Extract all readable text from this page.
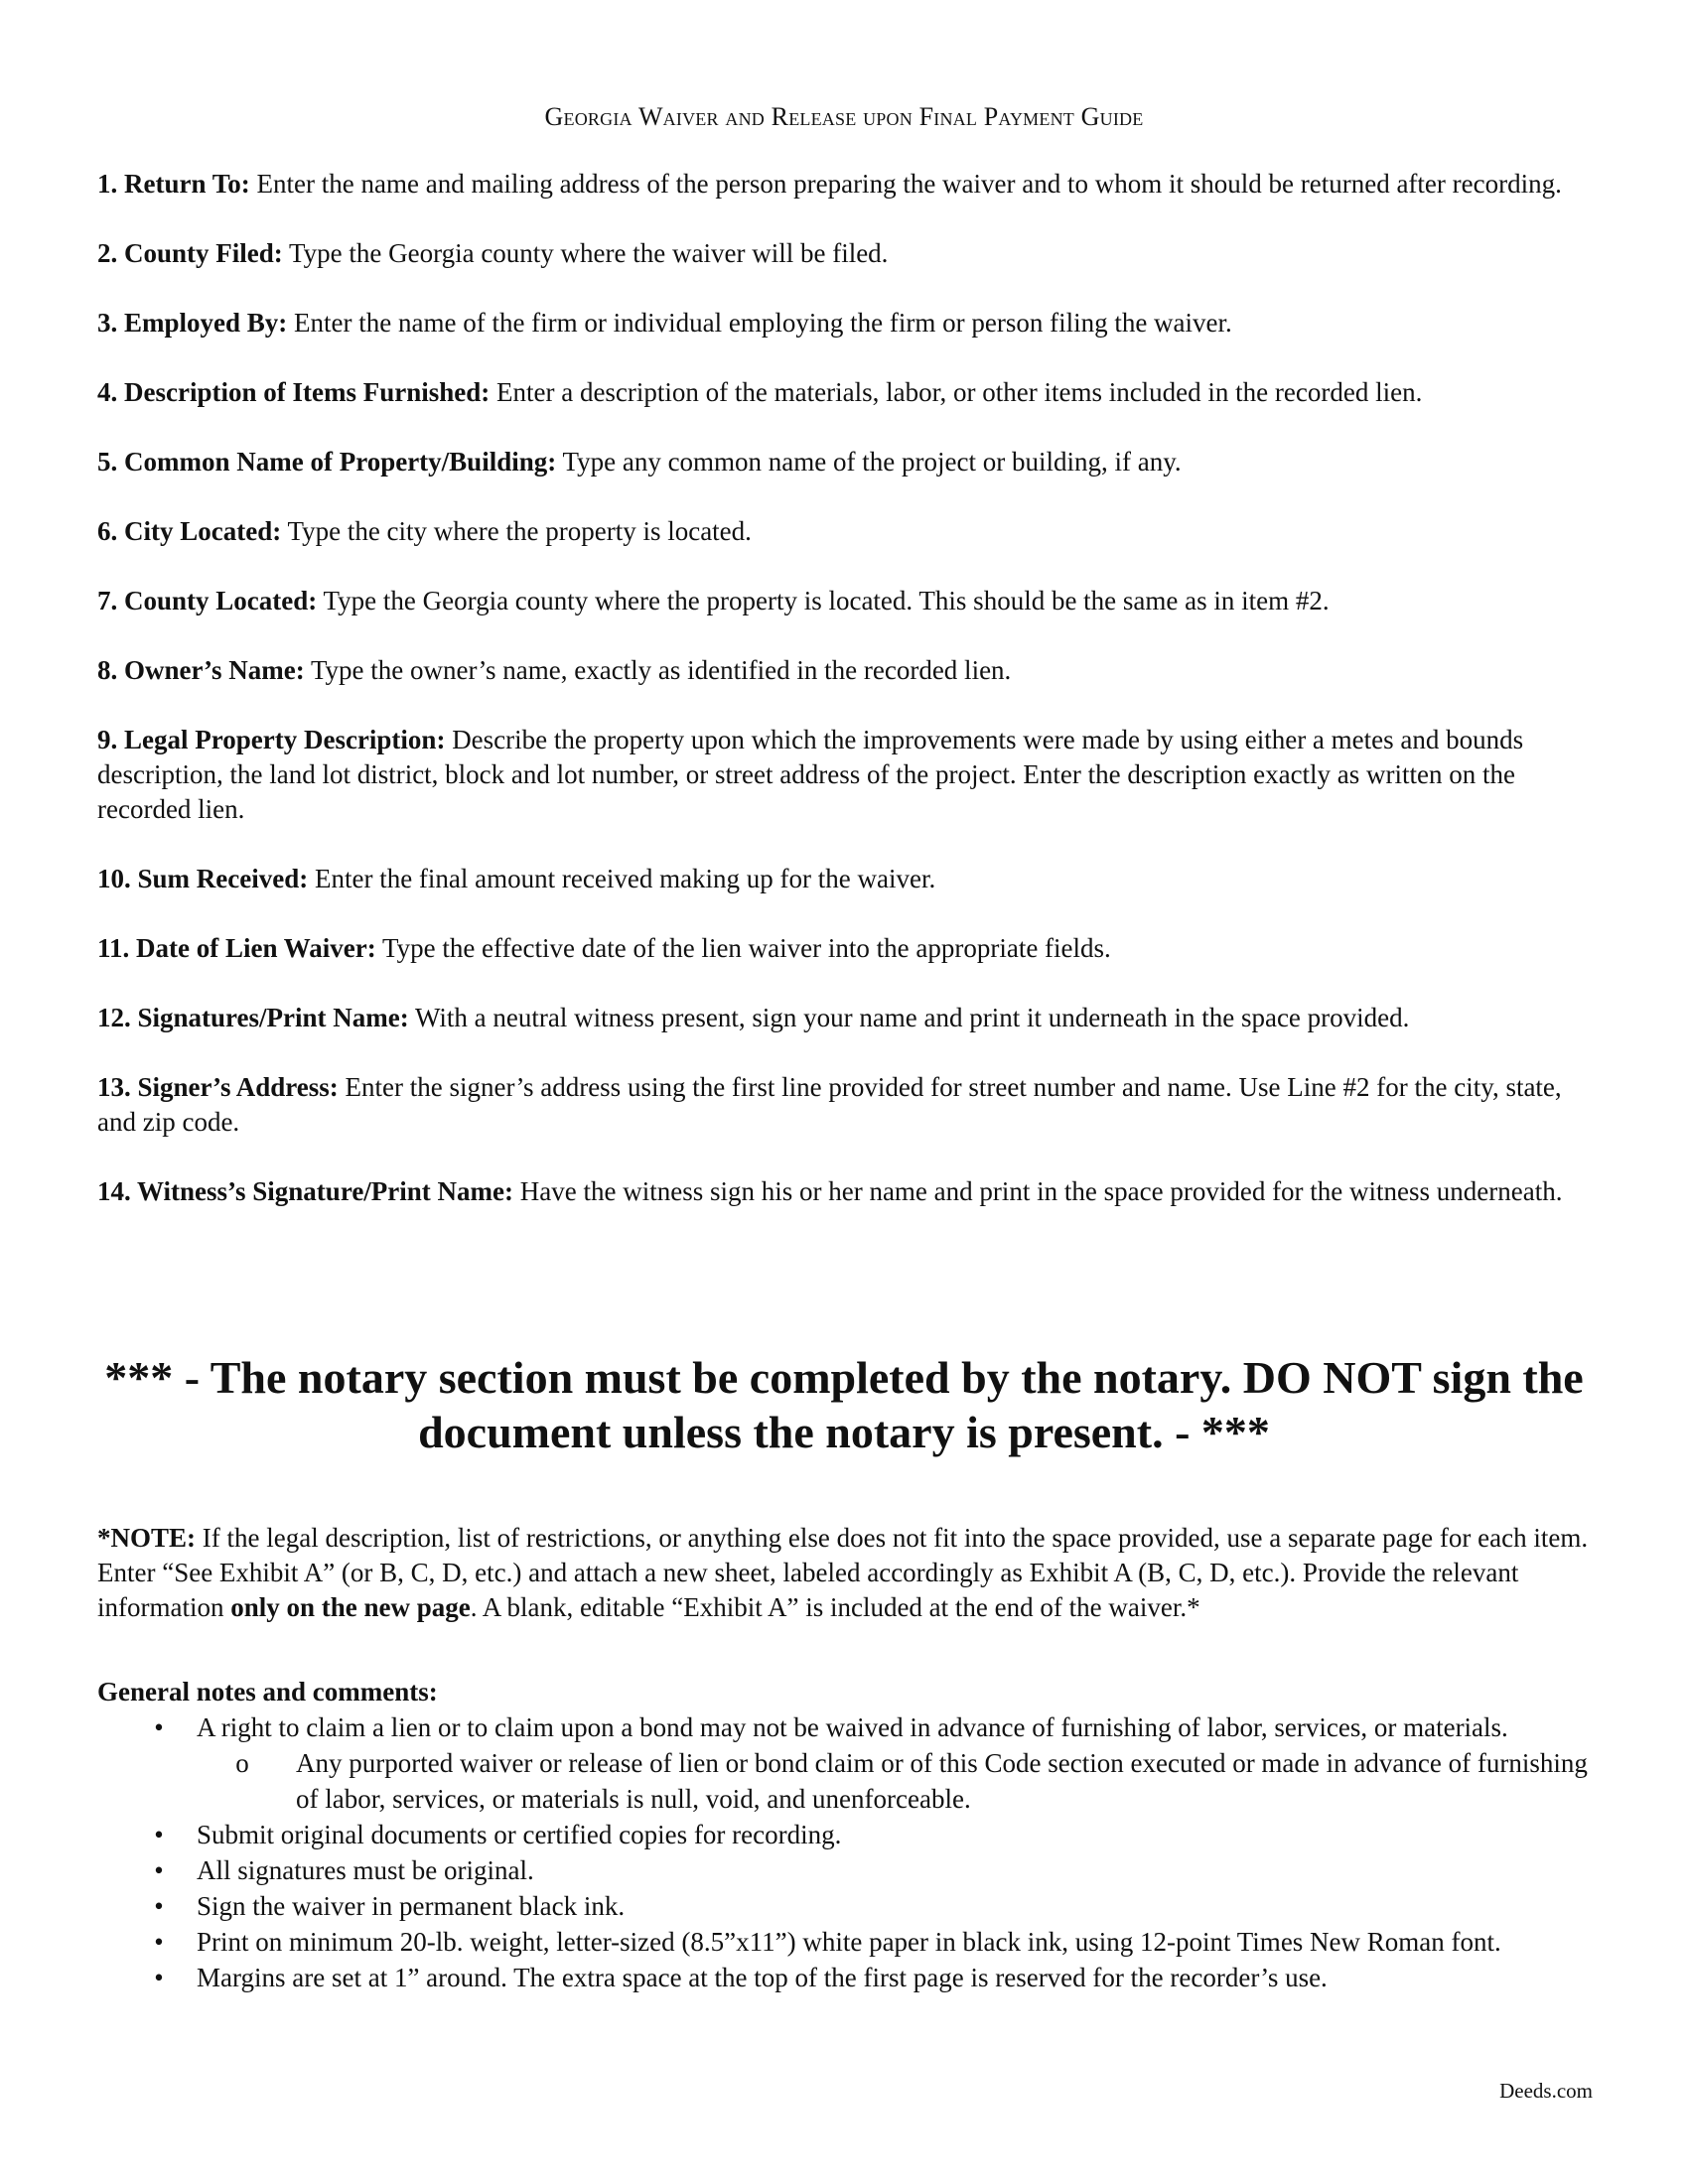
Georgia Waiver and Release upon Final Payment Guide

1. Return To: Enter the name and mailing address of the person preparing the waiver and to whom it should be returned after recording.

2. County Filed: Type the Georgia county where the waiver will be filed.

3. Employed By: Enter the name of the firm or individual employing the firm or person filing the waiver.

4. Description of Items Furnished: Enter a description of the materials, labor, or other items included in the recorded lien.

5. Common Name of Property/Building: Type any common name of the project or building, if any.

6. City Located: Type the city where the property is located.

7. County Located: Type the Georgia county where the property is located. This should be the same as in item #2.

8. Owner’s Name: Type the owner’s name, exactly as identified in the recorded lien.

9. Legal Property Description: Describe the property upon which the improvements were made by using either a metes and bounds description, the land lot district, block and lot number, or street address of the project. Enter the description exactly as written on the recorded lien.

10. Sum Received: Enter the final amount received making up for the waiver.

11. Date of Lien Waiver: Type the effective date of the lien waiver into the appropriate fields.

12. Signatures/Print Name: With a neutral witness present, sign your name and print it underneath in the space provided.

13. Signer’s Address: Enter the signer’s address using the first line provided for street number and name. Use Line #2 for the city, state, and zip code.

14. Witness’s Signature/Print Name: Have the witness sign his or her name and print in the space provided for the witness underneath.

*** - The notary section must be completed by the notary. DO NOT sign the document unless the notary is present. - ***

*NOTE: If the legal description, list of restrictions, or anything else does not fit into the space provided, use a separate page for each item. Enter “See Exhibit A” (or B, C, D, etc.) and attach a new sheet, labeled accordingly as Exhibit A (B, C, D, etc.). Provide the relevant information only on the new page. A blank, editable “Exhibit A” is included at the end of the waiver.*

General notes and comments:
• A right to claim a lien or to claim upon a bond may not be waived in advance of furnishing of labor, services, or materials.
o Any purported waiver or release of lien or bond claim or of this Code section executed or made in advance of furnishing of labor, services, or materials is null, void, and unenforceable.
• Submit original documents or certified copies for recording.
• All signatures must be original.
• Sign the waiver in permanent black ink.
• Print on minimum 20-lb. weight, letter-sized (8.5”x11”) white paper in black ink, using 12-point Times New Roman font.
• Margins are set at 1” around. The extra space at the top of the first page is reserved for the recorder’s use.
Deeds.com
